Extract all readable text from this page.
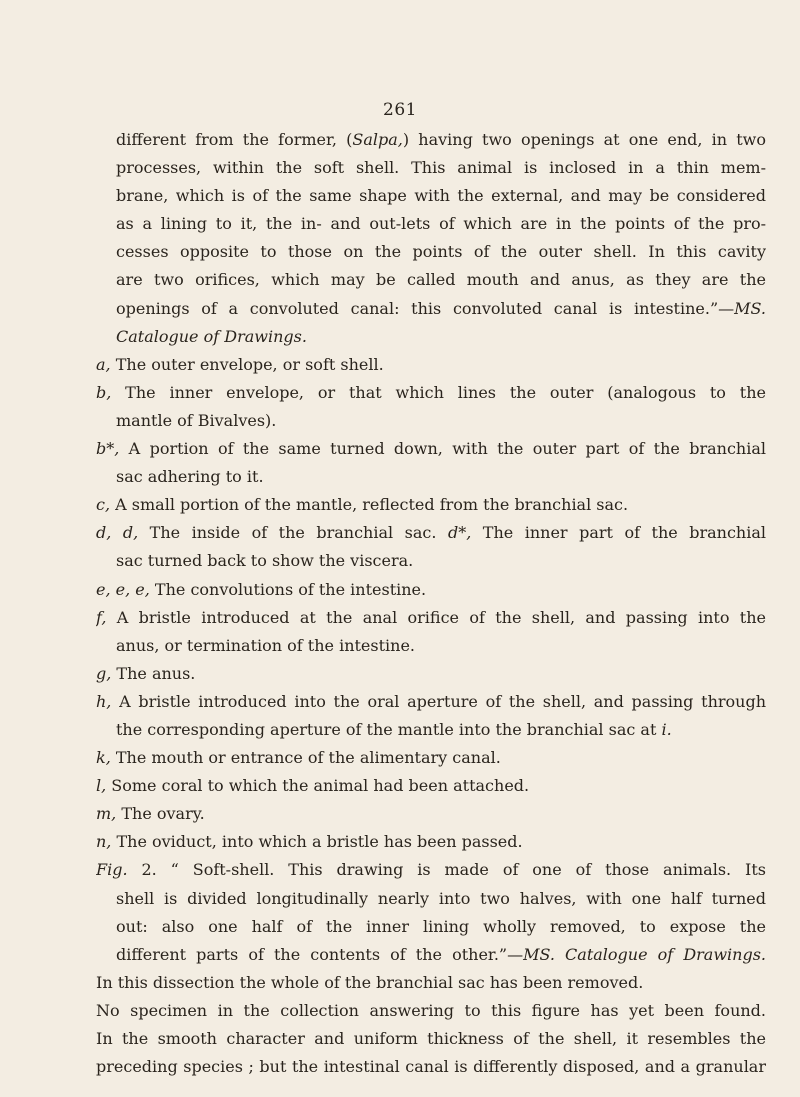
261
different from the former, (Salpa,) having two openings at one end, in two
processes, within the soft shell. This animal is inclosed in a thin mem-
brane, which is of the same shape with the external, and may be considered
as a lining to it, the in- and out-lets of which are in the points of the pro-
cesses opposite to those on the points of the outer shell. In this cavity
are two orifices, which may be called mouth and anus, as they are the
openings of a convoluted canal: this convoluted canal is intestine.”—MS.
Catalogue of Drawings.
a, The outer envelope, or soft shell.
b, The inner envelope, or that which lines the outer (analogous to the
mantle of Bivalves).
b*, A portion of the same turned down, with the outer part of the branchial
sac adhering to it.
c, A small portion of the mantle, reflected from the branchial sac.
d, d, The inside of the branchial sac. d*, The inner part of the branchial
sac turned back to show the viscera.
e, e, e, The convolutions of the intestine.
f, A bristle introduced at the anal orifice of the shell, and passing into the
anus, or termination of the intestine.
g, The anus.
h, A bristle introduced into the oral aperture of the shell, and passing through
the corresponding aperture of the mantle into the branchial sac at i.
k, The mouth or entrance of the alimentary canal.
l, Some coral to which the animal had been attached.
m, The ovary.
n, The oviduct, into which a bristle has been passed.
Fig. 2. “ Soft-shell. This drawing is made of one of those animals. Its
shell is divided longitudinally nearly into two halves, with one half turned
out: also one half of the inner lining wholly removed, to expose the
different parts of the contents of the other.”—MS. Catalogue of Drawings.
In this dissection the whole of the branchial sac has been removed.
No specimen in the collection answering to this figure has yet been found.
In the smooth character and uniform thickness of the shell, it resembles the
preceding species ; but the intestinal canal is differently disposed, and a granular
